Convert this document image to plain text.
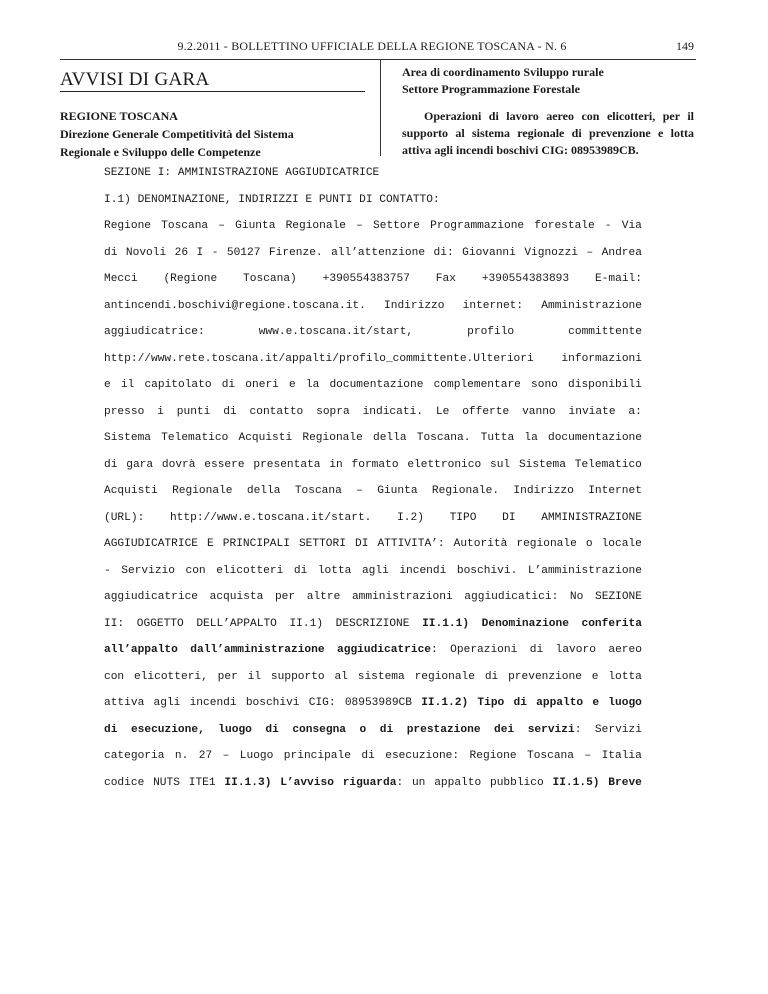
9.2.2011 - BOLLETTINO UFFICIALE DELLA REGIONE TOSCANA - N. 6	149
AVVISI DI GARA
REGIONE TOSCANA
Direzione Generale Competitività del Sistema
Regionale e Sviluppo delle Competenze
Area di coordinamento Sviluppo rurale
Settore Programmazione Forestale
Operazioni di lavoro aereo con elicotteri, per il supporto al sistema regionale di prevenzione e lotta attiva agli incendi boschivi CIG: 08953989CB.
SEZIONE I: AMMINISTRAZIONE AGGIUDICATRICE
I.1) DENOMINAZIONE, INDIRIZZI E PUNTI DI CONTATTO:
Regione Toscana – Giunta Regionale – Settore Programmazione forestale - Via
di Novoli 26 I - 50127 Firenze. all’attenzione di: Giovanni Vignozzi – Andrea
Mecci (Regione Toscana) +390554383757 Fax +390554383893 E-mail:
antincendi.boschivi@regione.toscana.it. Indirizzo internet: Amministrazione
aggiudicatrice:	www.e.toscana.it/start,	profilo	committente
http://www.rete.toscana.it/appalti/profilo_committente.Ulteriori informazioni
e il capitolato di oneri e la documentazione complementare sono disponibili
presso i punti di contatto sopra indicati. Le offerte vanno inviate a:
Sistema Telematico Acquisti Regionale della Toscana. Tutta la documentazione
di gara dovrà essere presentata in formato elettronico sul Sistema Telematico
Acquisti Regionale della Toscana – Giunta Regionale. Indirizzo Internet
(URL): http://www.e.toscana.it/start. I.2) TIPO DI AMMINISTRAZIONE
AGGIUDICATRICE E PRINCIPALI SETTORI DI ATTIVITA’: Autorità regionale o locale
- Servizio con elicotteri di lotta agli incendi boschivi. L’amministrazione
aggiudicatrice acquista per altre amministrazioni aggiudicatici: No SEZIONE
II: OGGETTO DELL’APPALTO II.1) DESCRIZIONE II.1.1) Denominazione conferita
all’appalto dall’amministrazione aggiudicatrice: Operazioni di lavoro aereo
con elicotteri, per il supporto al sistema regionale di prevenzione e lotta
attiva agli incendi boschivi CIG: 08953989CB II.1.2) Tipo di appalto e luogo
di esecuzione, luogo di consegna o di prestazione dei servizi: Servizi
categoria n. 27 – Luogo principale di esecuzione: Regione Toscana – Italia
codice NUTS ITE1 II.1.3) L’avviso riguarda: un appalto pubblico II.1.5) Breve
